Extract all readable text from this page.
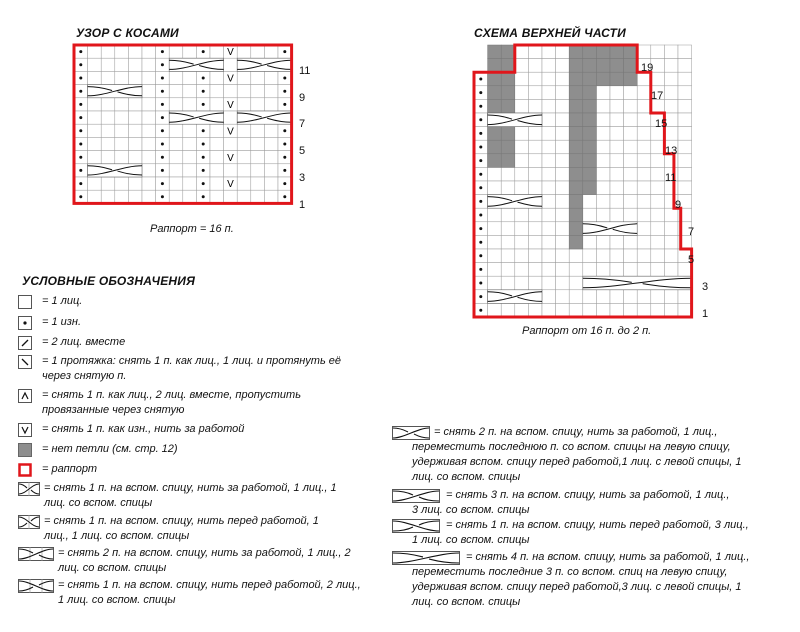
УЗОР С КОСАМИ
V
V
V
V
V
V
Раппорт = 16 п.
11
9
7
5
3
1
СХЕМА ВЕРХНЕЙ ЧАСТИ
Раппорт от 16 п. до 2 п.
19
17
15
13
11
9
7
5
3
1
УСЛОВНЫЕ ОБОЗНАЧЕНИЯ
= 1 лиц.
= 1 изн.
= 2 лиц. вместе
= 1 протяжка: снять 1 п. как лиц., 1 лиц. и протянуть её через снятую п.
= снять 1 п. как лиц., 2 лиц. вместе, пропустить провязанные через снятую
= снять 1 п. как изн., нить за работой
= нет петли (см. стр. 12)
= раппорт
= снять 1 п. на вспом. спицу, нить за работой, 1 лиц., 1 лиц. со вспом. спицы
= снять 1 п. на вспом. спицу, нить перед работой, 1 лиц., 1 лиц. со вспом. спицы
= снять 2 п. на вспом. спицу, нить за работой, 1 лиц., 2 лиц. со вспом. спицы
= снять 1 п. на вспом. спицу, нить перед работой, 2 лиц., 1 лиц. со вспом. спицы
= снять 2 п. на вспом. спицу, нить за работой, 1 лиц., переместить последнюю п. со вспом. спицы на левую спицу, удерживая вспом. спицу перед работой,1 лиц. с левой спицы, 1 лиц. со вспом. спицы
= снять 3 п. на вспом. спицу, нить за работой, 1 лиц., 3 лиц. со вспом. спицы
= снять 1 п. на вспом. спицу, нить перед работой, 3 лиц., 1 лиц. со вспом. спицы
= снять 4 п. на вспом. спицу, нить за работой, 1 лиц., переместить последние 3 п. со вспом. спиц на левую спицу, удерживая вспом. спицу перед работой,3 лиц. с левой спицы, 1 лиц. со вспом. спицы
